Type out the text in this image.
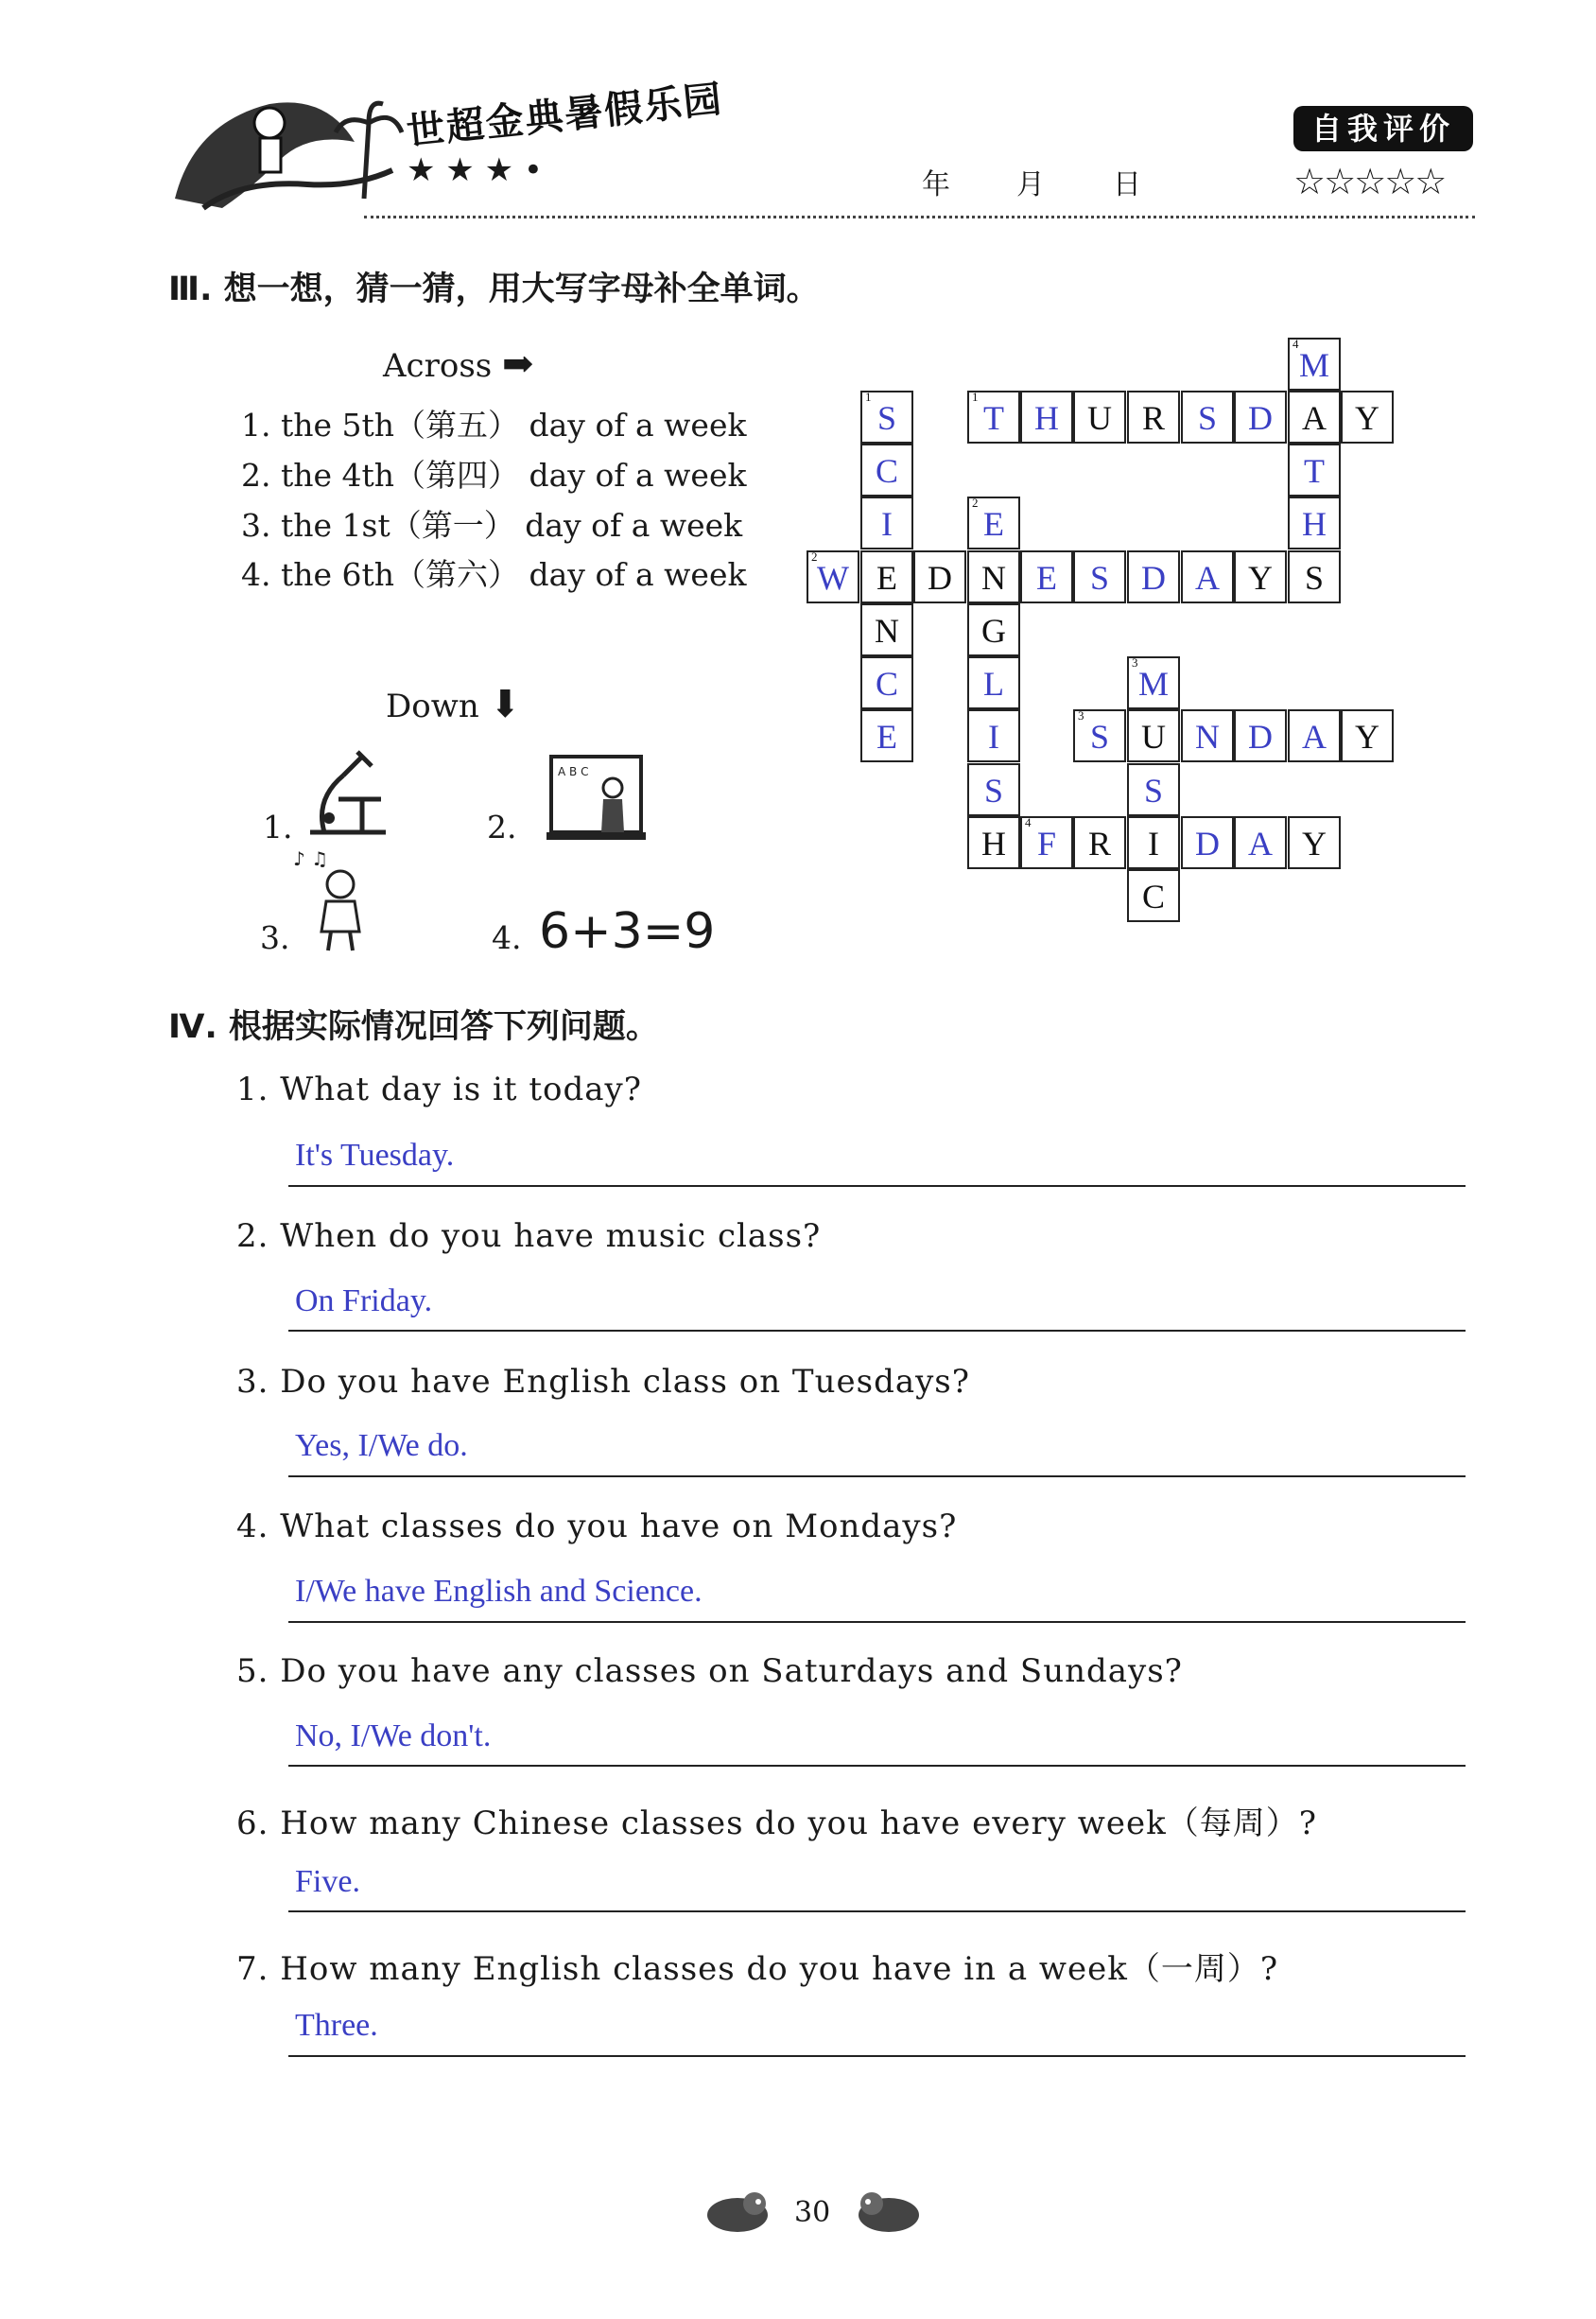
世超金典暑假乐园
★ ★ ★ •	年 月 日
自我评价
☆☆☆☆☆
Ⅲ. 想一想，猜一猜，用大写字母补全单词。
Across ➡
1. the 5th（第五） day of a week
2. the 4th（第四） day of a week
3. the 1st（第一） day of a week
4. the 6th（第六） day of a week
Down ⬇
1.	2.
A B C
3.
♪ ♫
4. 6+3=9
4
M
1
S
1
T H U R S D A Y
C	T
I
2
E	H
2
W E D N E S D A Y S
N	G
C	L
3
M
E	I
3
S U N D A Y
S	S
H
4
F R	I	D A Y
C
Ⅳ. 根据实际情况回答下列问题。
1. What day is it today?
It's Tuesday.
2. When do you have music class?
On Friday.
3. Do you have English class on Tuesdays?
Yes, I/We do.
4. What classes do you have on Mondays?
I/We have English and Science.
5. Do you have any classes on Saturdays and Sundays?
No, I/We don't.
6. How many Chinese classes do you have every week（每周）?
Five.
7. How many English classes do you have in a week（一周）?
Three.
30
